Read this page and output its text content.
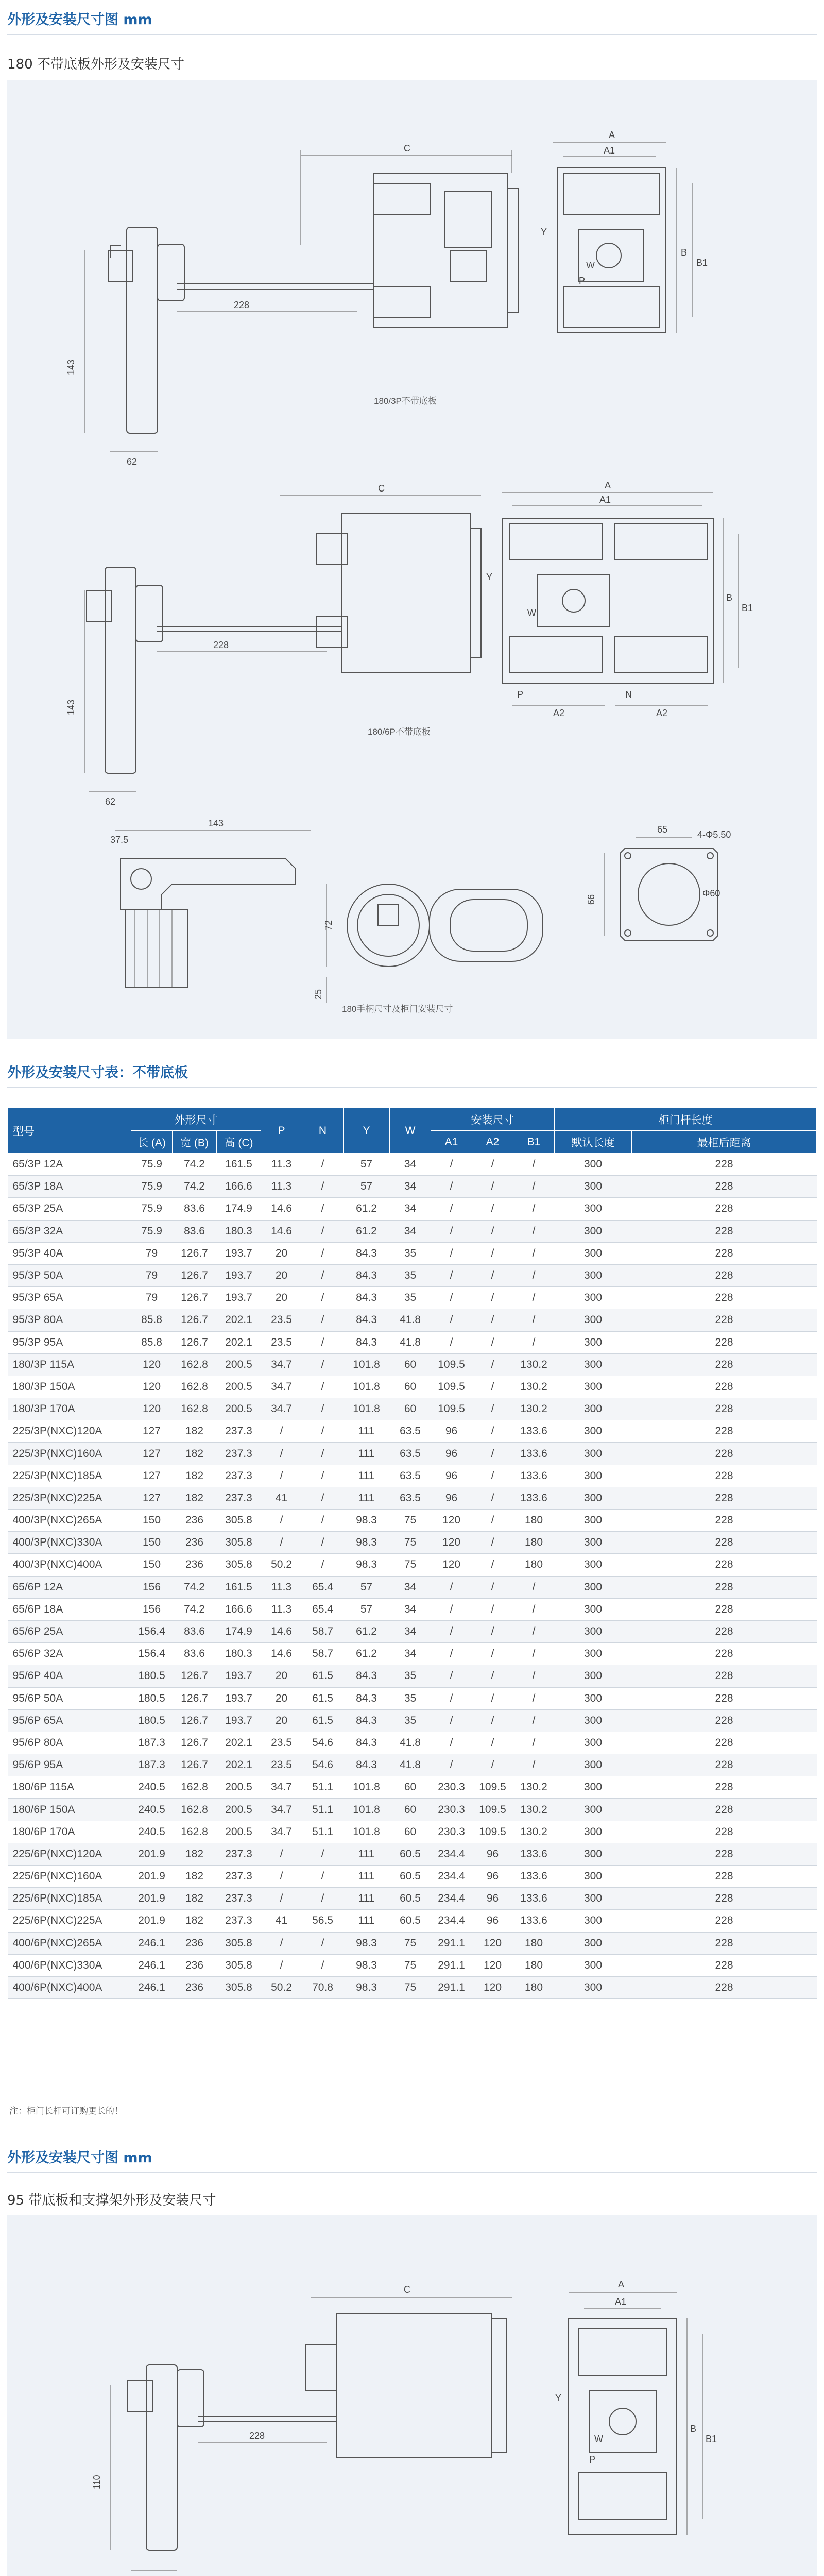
外形及安装尺寸图 mm
180 不带底板外形及安装尺寸
C
228
143
62
A
A1
B
B1
Y
W
P
180/3P不带底板
C
228
143
62
A
A1
B
B1
Y
W
P	N
A2	A2
180/6P不带底板
143
37.5
72
25
65	4-Φ5.50
Φ60
66
180手柄尺寸及柜门安装尺寸
外形及安装尺寸表：不带底板
型号	外形尺寸			P	N	Y	W	安装尺寸			柜门杆长度	
	长 (A)	宽 (B)	高 (C)					A1	A2	B1	默认长度	最柜后距离
65/3P 12A	75.9	74.2	161.5	11.3	/	57	34	/	/	/	300	228
65/3P 18A	75.9	74.2	166.6	11.3	/	57	34	/	/	/	300	228
65/3P 25A	75.9	83.6	174.9	14.6	/	61.2	34	/	/	/	300	228
65/3P 32A	75.9	83.6	180.3	14.6	/	61.2	34	/	/	/	300	228
95/3P 40A	79	126.7	193.7	20	/	84.3	35	/	/	/	300	228
95/3P 50A	79	126.7	193.7	20	/	84.3	35	/	/	/	300	228
95/3P 65A	79	126.7	193.7	20	/	84.3	35	/	/	/	300	228
95/3P 80A	85.8	126.7	202.1	23.5	/	84.3	41.8	/	/	/	300	228
95/3P 95A	85.8	126.7	202.1	23.5	/	84.3	41.8	/	/	/	300	228
180/3P 115A	120	162.8	200.5	34.7	/	101.8	60	109.5	/	130.2	300	228
180/3P 150A	120	162.8	200.5	34.7	/	101.8	60	109.5	/	130.2	300	228
180/3P 170A	120	162.8	200.5	34.7	/	101.8	60	109.5	/	130.2	300	228
225/3P(NXC)120A	127	182	237.3	/	/	111	63.5	96	/	133.6	300	228
225/3P(NXC)160A	127	182	237.3	/	/	111	63.5	96	/	133.6	300	228
225/3P(NXC)185A	127	182	237.3	/	/	111	63.5	96	/	133.6	300	228
225/3P(NXC)225A	127	182	237.3	41	/	111	63.5	96	/	133.6	300	228
400/3P(NXC)265A	150	236	305.8	/	/	98.3	75	120	/	180	300	228
400/3P(NXC)330A	150	236	305.8	/	/	98.3	75	120	/	180	300	228
400/3P(NXC)400A	150	236	305.8	50.2	/	98.3	75	120	/	180	300	228
65/6P 12A	156	74.2	161.5	11.3	65.4	57	34	/	/	/	300	228
65/6P 18A	156	74.2	166.6	11.3	65.4	57	34	/	/	/	300	228
65/6P 25A	156.4	83.6	174.9	14.6	58.7	61.2	34	/	/	/	300	228
65/6P 32A	156.4	83.6	180.3	14.6	58.7	61.2	34	/	/	/	300	228
95/6P 40A	180.5	126.7	193.7	20	61.5	84.3	35	/	/	/	300	228
95/6P 50A	180.5	126.7	193.7	20	61.5	84.3	35	/	/	/	300	228
95/6P 65A	180.5	126.7	193.7	20	61.5	84.3	35	/	/	/	300	228
95/6P 80A	187.3	126.7	202.1	23.5	54.6	84.3	41.8	/	/	/	300	228
95/6P 95A	187.3	126.7	202.1	23.5	54.6	84.3	41.8	/	/	/	300	228
180/6P 115A	240.5	162.8	200.5	34.7	51.1	101.8	60	230.3	109.5	130.2	300	228
180/6P 150A	240.5	162.8	200.5	34.7	51.1	101.8	60	230.3	109.5	130.2	300	228
180/6P 170A	240.5	162.8	200.5	34.7	51.1	101.8	60	230.3	109.5	130.2	300	228
225/6P(NXC)120A	201.9	182	237.3	/	/	111	60.5	234.4	96	133.6	300	228
225/6P(NXC)160A	201.9	182	237.3	/	/	111	60.5	234.4	96	133.6	300	228
225/6P(NXC)185A	201.9	182	237.3	/	/	111	60.5	234.4	96	133.6	300	228
225/6P(NXC)225A	201.9	182	237.3	41	56.5	111	60.5	234.4	96	133.6	300	228
400/6P(NXC)265A	246.1	236	305.8	/	/	98.3	75	291.1	120	180	300	228
400/6P(NXC)330A	246.1	236	305.8	/	/	98.3	75	291.1	120	180	300	228
400/6P(NXC)400A	246.1	236	305.8	50.2	70.8	98.3	75	291.1	120	180	300	228
注：柜门长杆可订购更长的！
外形及安装尺寸图 mm
95 带底板和支撑架外形及安装尺寸
C
228
110
A
A1
B
B1
Y
W
P
